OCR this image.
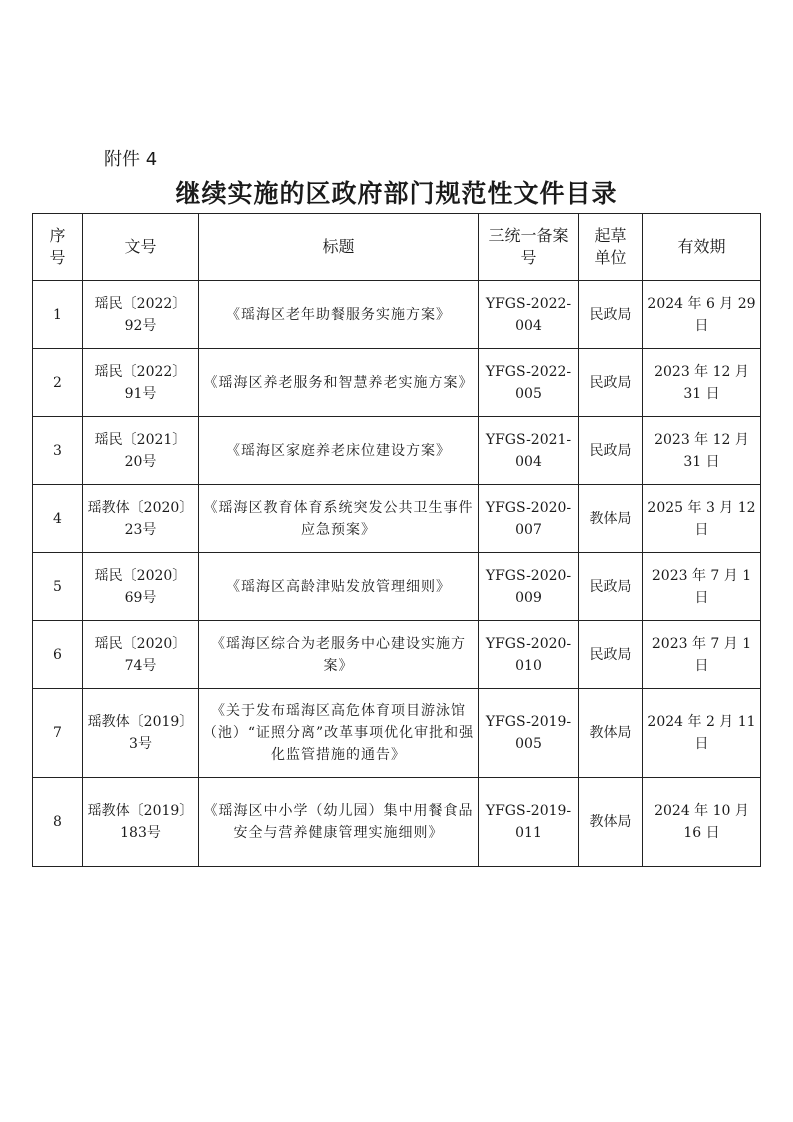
附件 4
继续实施的区政府部门规范性文件目录
序号	文号	标题	三统一备案号	起草单位	有效期
1	瑶民〔2022〕92号	《瑶海区老年助餐服务实施方案》	YFGS-2022-004	民政局	2024 年 6 月 29 日
2	瑶民〔2022〕91号	《瑶海区养老服务和智慧养老实施方案》	YFGS-2022-005	民政局	2023 年 12 月 31 日
3	瑶民〔2021〕20号	《瑶海区家庭养老床位建设方案》	YFGS-2021-004	民政局	2023 年 12 月 31 日
4	瑶教体〔2020〕23号	《瑶海区教育体育系统突发公共卫生事件应急预案》	YFGS-2020-007	教体局	2025 年 3 月 12 日
5	瑶民〔2020〕69号	《瑶海区高龄津贴发放管理细则》	YFGS-2020-009	民政局	2023 年 7 月 1 日
6	瑶民〔2020〕74号	《瑶海区综合为老服务中心建设实施方案》	YFGS-2020-010	民政局	2023 年 7 月 1 日
7	瑶教体〔2019〕3号	《关于发布瑶海区高危体育项目游泳馆（池）“证照分离”改革事项优化审批和强化监管措施的通告》	YFGS-2019-005	教体局	2024 年 2 月 11 日
8	瑶教体〔2019〕183号	《瑶海区中小学（幼儿园）集中用餐食品安全与营养健康管理实施细则》	YFGS-2019-011	教体局	2024 年 10 月 16 日
